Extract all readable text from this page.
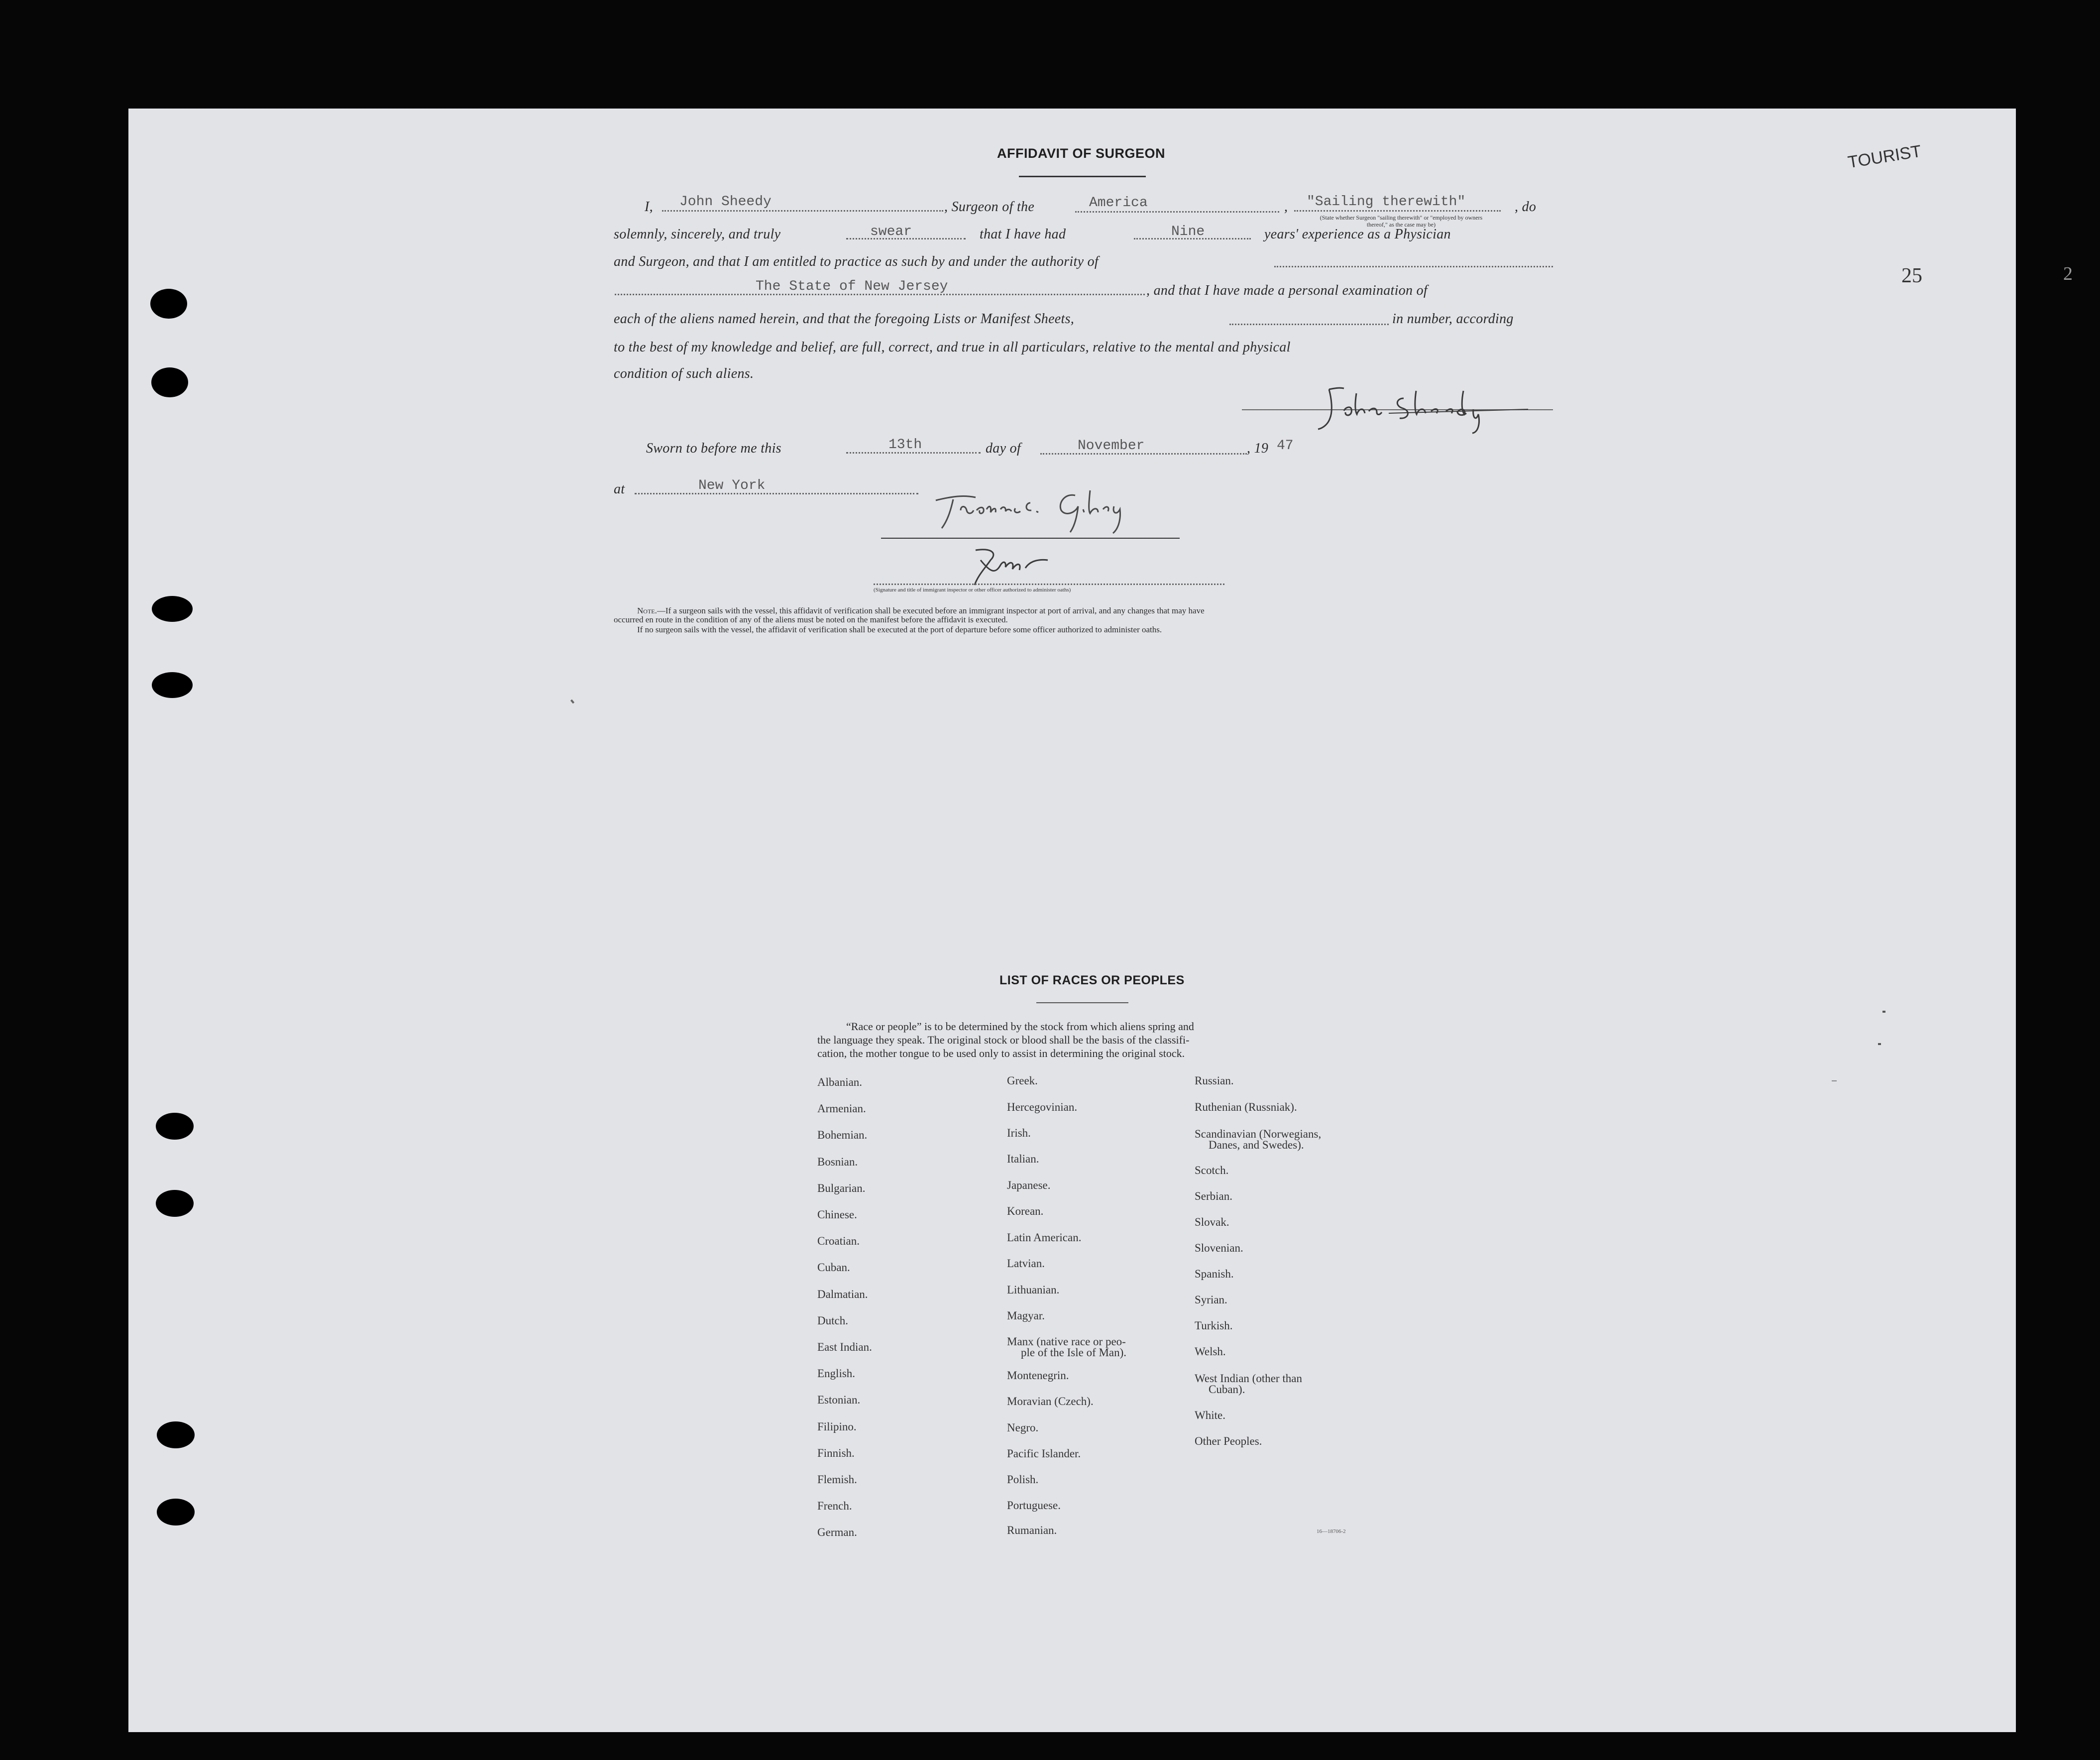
TOURIST
25	2
AFFIDAVIT OF SURGEON
I, John Sheedy	, Surgeon of the	America	, "Sailing therewith"
(State whether Surgeon "sailing therewith" or "employed by owners thereof," as the case may be)
, do
solemnly, sincerely, and truly	swear	that I have had	Nine	years' experience as a Physician
and Surgeon, and that I am entitled to practice as such by and under the authority of
The State of New Jersey	, and that I have made a personal examination of
each of the aliens named herein, and that the foregoing Lists or Manifest Sheets,	in number, according
to the best of my knowledge and belief, are full, correct, and true in all particulars, relative to the mental and physical
condition of such aliens.
Sworn to before me this	13th	day of	November	, 19 47
at	New York
(Signature and title of immigrant inspector or other officer authorized to administer oaths)
Note.—If a surgeon sails with the vessel, this affidavit of verification shall be executed before an immigrant inspector at port of arrival, and any changes that may have
occurred en route in the condition of any of the aliens must be noted on the manifest before the affidavit is executed.
If no surgeon sails with the vessel, the affidavit of verification shall be executed at the port of departure before some officer authorized to administer oaths.
LIST OF RACES OR PEOPLES
“Race or people” is to be determined by the stock from which aliens spring and
the language they speak. The original stock or blood shall be the basis of the classifi-
cation, the mother tongue to be used only to assist in determining the original stock.
Albanian.
Armenian.
Bohemian.
Bosnian.
Bulgarian.
Chinese.
Croatian.
Cuban.
Dalmatian.
Dutch.
East Indian.
English.
Estonian.
Filipino.
Finnish.
Flemish.
French.
German.
Greek.
Hercegovinian.
Irish.
Italian.
Japanese.
Korean.
Latin American.
Latvian.
Lithuanian.
Magyar.
Manx (native race or peo-
ple of the Isle of Man).
Montenegrin.
Moravian (Czech).
Negro.
Pacific Islander.
Polish.
Portuguese.
Rumanian.
Russian.
Ruthenian (Russniak).
Scandinavian (Norwegians,
Danes, and Swedes).
Scotch.
Serbian.
Slovak.
Slovenian.
Spanish.
Syrian.
Turkish.
Welsh.
West Indian (other than
Cuban).
White.
Other Peoples.
16—18706-2
